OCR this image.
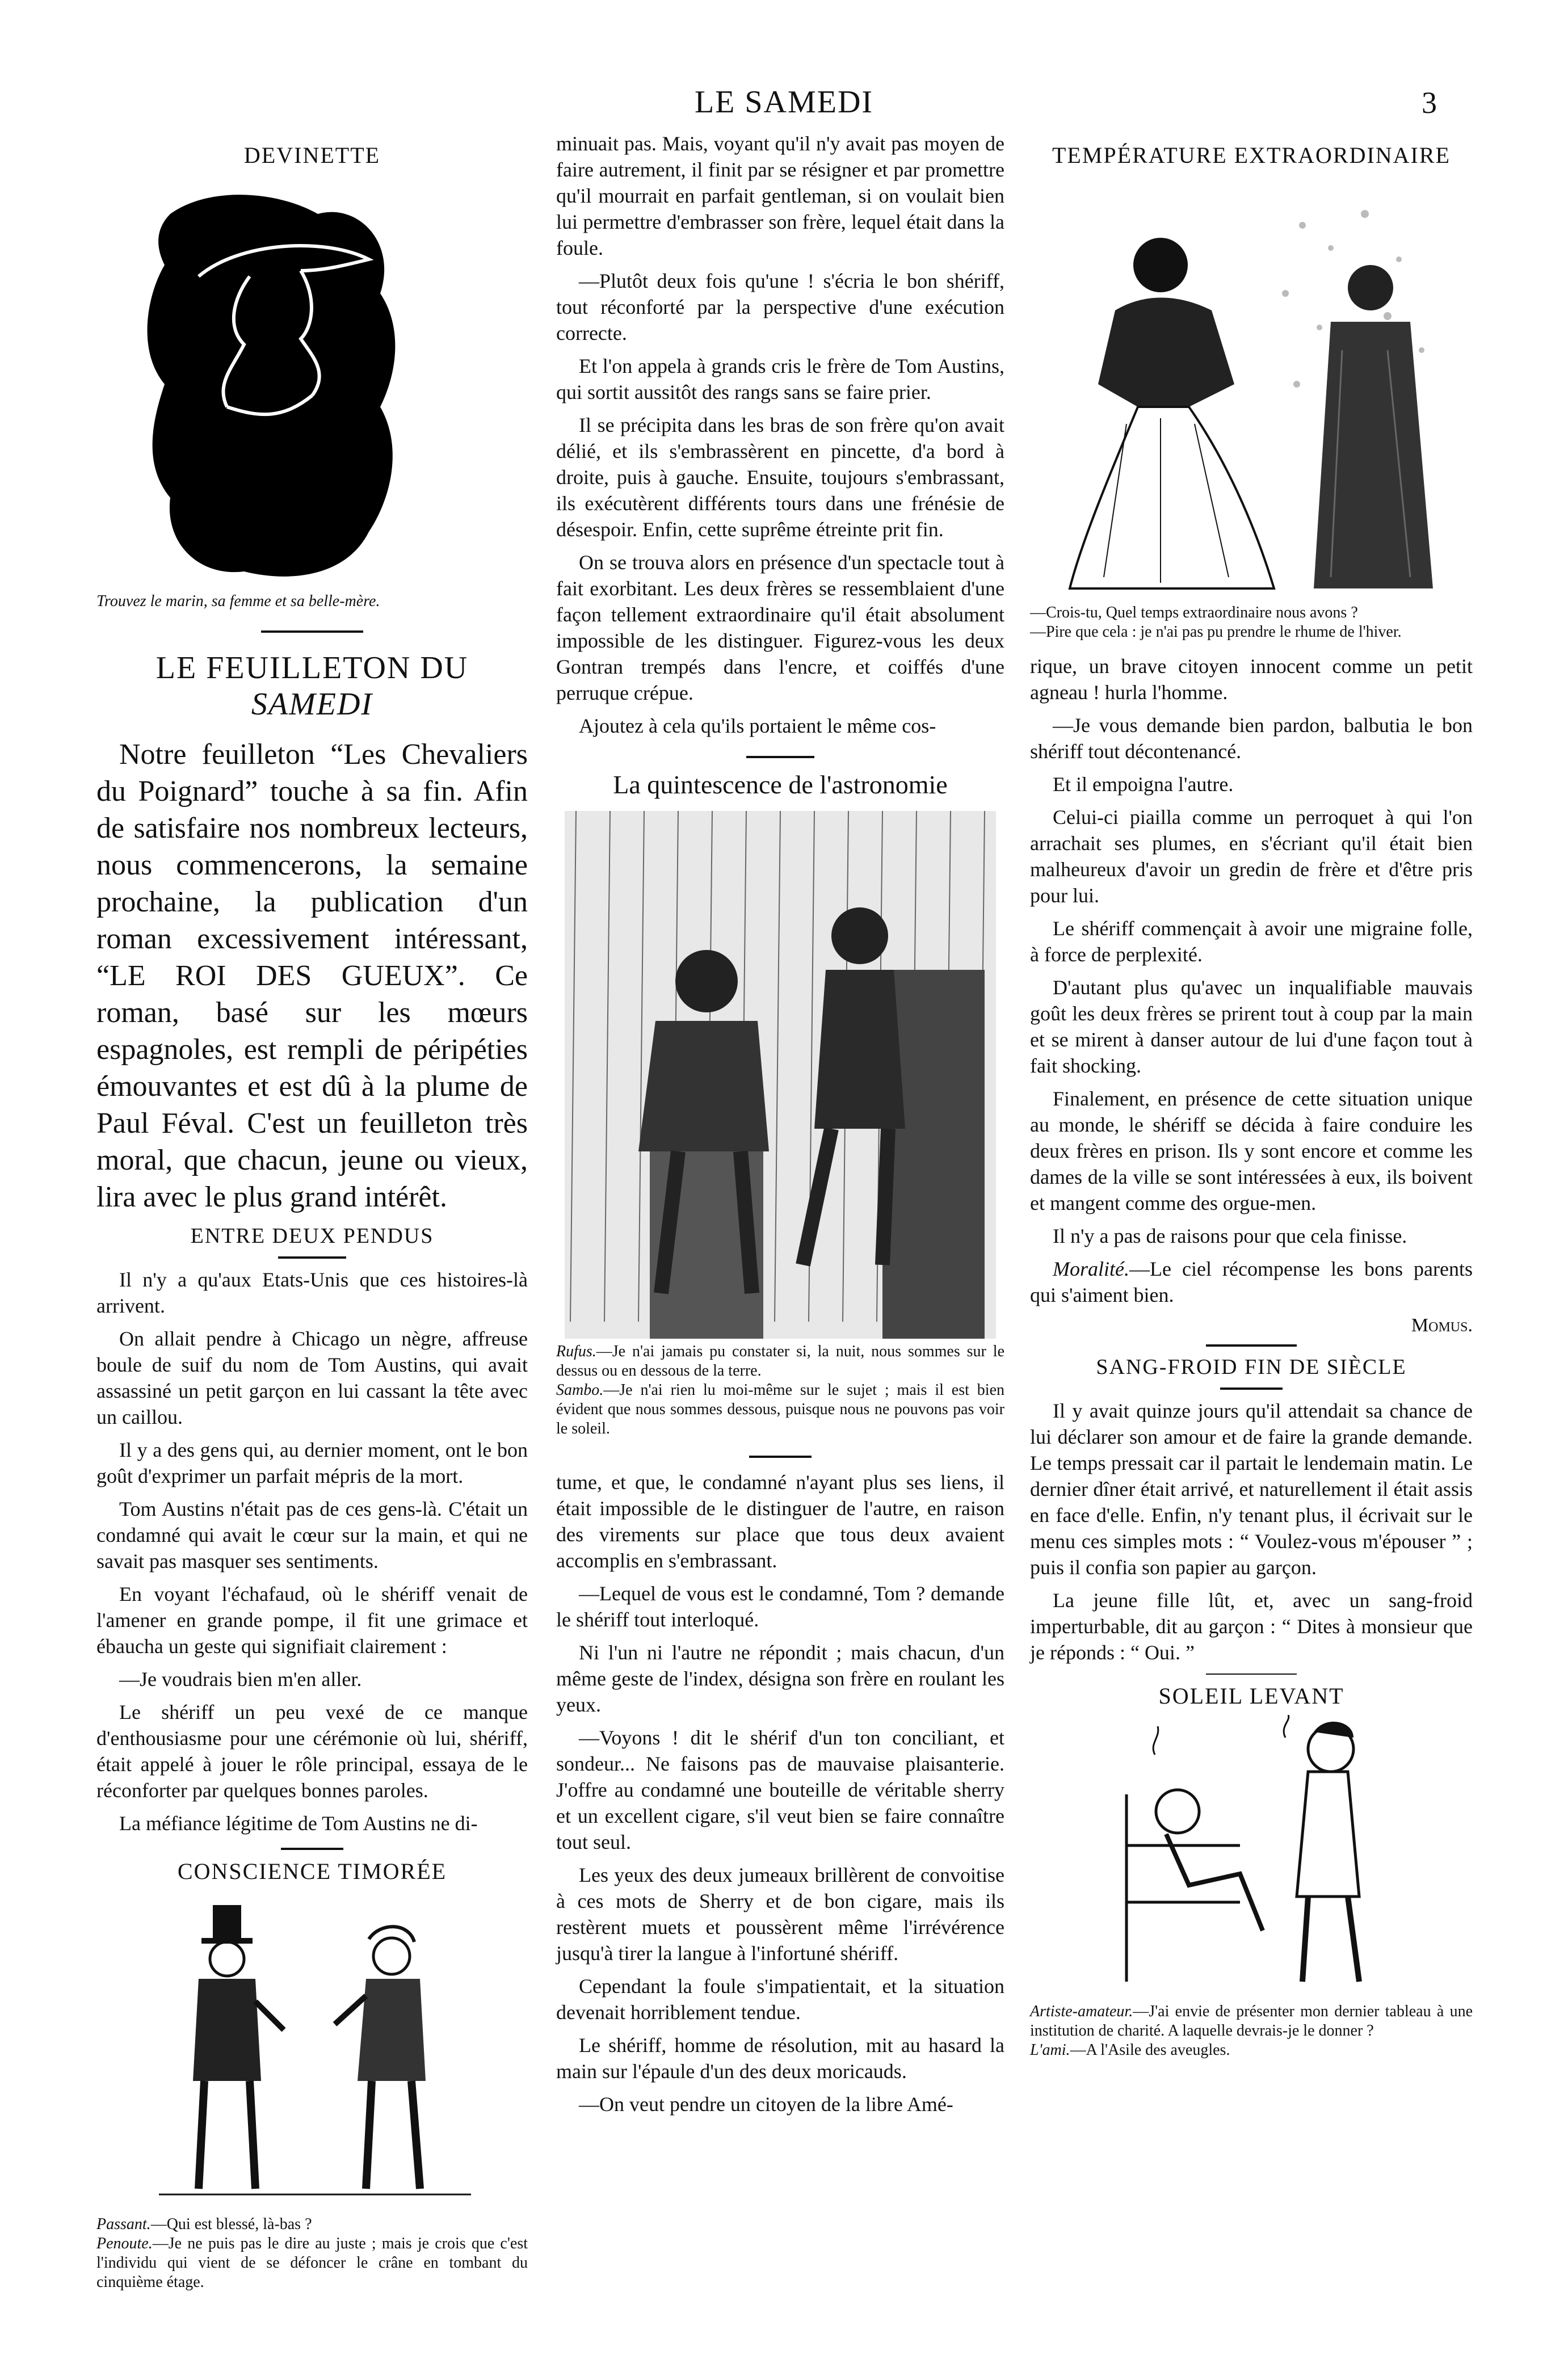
LE SAMEDI	3
DEVINETTE
Trouvez le marin, sa femme et sa belle-mère.
LE FEUILLETON DU SAMEDI

Notre feuilleton “Les Chevaliers du Poignard” touche à sa fin. Afin de satisfaire nos nombreux lecteurs, nous commencerons, la semaine prochaine, la publication d'un roman excessivement intéressant, “LE ROI DES GUEUX”. Ce roman, basé sur les mœurs espagnoles, est rempli de péripéties émouvantes et est dû à la plume de Paul Féval. C'est un feuilleton très moral, que chacun, jeune ou vieux, lira avec le plus grand intérêt.

ENTRE DEUX PENDUS

Il n'y a qu'aux Etats-Unis que ces histoires-là arrivent.

On allait pendre à Chicago un nègre, affreuse boule de suif du nom de Tom Austins, qui avait assassiné un petit garçon en lui cassant la tête avec un caillou.

Il y a des gens qui, au dernier moment, ont le bon goût d'exprimer un parfait mépris de la mort.

Tom Austins n'était pas de ces gens-là. C'était un condamné qui avait le cœur sur la main, et qui ne savait pas masquer ses sentiments.

En voyant l'échafaud, où le shériff venait de l'amener en grande pompe, il fit une grimace et ébaucha un geste qui signifiait clairement :

—Je voudrais bien m'en aller.

Le shériff un peu vexé de ce manque d'enthousiasme pour une cérémonie où lui, shériff, était appelé à jouer le rôle principal, essaya de le réconforter par quelques bonnes paroles.

La méfiance légitime de Tom Austins ne di-

CONSCIENCE TIMORÉE

Passant.—Qui est blessé, là-bas ?

Penoute.—Je ne puis pas le dire au juste ; mais je crois que c'est l'individu qui vient de se défoncer le crâne en tombant du cinquième étage.

minuait pas. Mais, voyant qu'il n'y avait pas moyen de faire autrement, il finit par se résigner et par promettre qu'il mourrait en parfait gentleman, si on voulait bien lui permettre d'embrasser son frère, lequel était dans la foule.

—Plutôt deux fois qu'une ! s'écria le bon shériff, tout réconforté par la perspective d'une exécution correcte.

Et l'on appela à grands cris le frère de Tom Austins, qui sortit aussitôt des rangs sans se faire prier.

Il se précipita dans les bras de son frère qu'on avait délié, et ils s'embrassèrent en pincette, d'a bord à droite, puis à gauche. Ensuite, toujours s'embrassant, ils exécutèrent différents tours dans une frénésie de désespoir. Enfin, cette suprême étreinte prit fin.

On se trouva alors en présence d'un spectacle tout à fait exorbitant. Les deux frères se ressemblaient d'une façon tellement extraordinaire qu'il était absolument impossible de les distinguer. Figurez-vous les deux Gontran trempés dans l'encre, et coiffés d'une perruque crépue.

Ajoutez à cela qu'ils portaient le même cos-

La quintescence de l'astronomie

Rufus.—Je n'ai jamais pu constater si, la nuit, nous sommes sur le dessus ou en dessous de la terre.

Sambo.—Je n'ai rien lu moi-même sur le sujet ; mais il est bien évident que nous sommes dessous, puisque nous ne pouvons pas voir le soleil.

tume, et que, le condamné n'ayant plus ses liens, il était impossible de le distinguer de l'autre, en raison des virements sur place que tous deux avaient accomplis en s'embrassant.

—Lequel de vous est le condamné, Tom ? demande le shériff tout interloqué.

Ni l'un ni l'autre ne répondit ; mais chacun, d'un même geste de l'index, désigna son frère en roulant les yeux.

—Voyons ! dit le shérif d'un ton conciliant, et sondeur... Ne faisons pas de mauvaise plaisanterie. J'offre au condamné une bouteille de véritable sherry et un excellent cigare, s'il veut bien se faire connaître tout seul.

Les yeux des deux jumeaux brillèrent de convoitise à ces mots de Sherry et de bon cigare, mais ils restèrent muets et poussèrent même l'irrévérence jusqu'à tirer la langue à l'infortuné shériff.

Cependant la foule s'impatientait, et la situation devenait horriblement tendue.

Le shériff, homme de résolution, mit au hasard la main sur l'épaule d'un des deux moricauds.

—On veut pendre un citoyen de la libre Amé-

TEMPÉRATURE EXTRAORDINAIRE

—Crois-tu, Quel temps extraordinaire nous avons ?

—Pire que cela : je n'ai pas pu prendre le rhume de l'hiver.

rique, un brave citoyen innocent comme un petit agneau ! hurla l'homme.

—Je vous demande bien pardon, balbutia le bon shériff tout décontenancé.

Et il empoigna l'autre.

Celui-ci piailla comme un perroquet à qui l'on arrachait ses plumes, en s'écriant qu'il était bien malheureux d'avoir un gredin de frère et d'être pris pour lui.

Le shériff commençait à avoir une migraine folle, à force de perplexité.

D'autant plus qu'avec un inqualifiable mauvais goût les deux frères se prirent tout à coup par la main et se mirent à danser autour de lui d'une façon tout à fait shocking.

Finalement, en présence de cette situation unique au monde, le shériff se décida à faire conduire les deux frères en prison. Ils y sont encore et comme les dames de la ville se sont intéressées à eux, ils boivent et mangent comme des orgue-men.

Il n'y a pas de raisons pour que cela finisse.

Moralité.—Le ciel récompense les bons parents qui s'aiment bien.

Momus.
SANG-FROID FIN DE SIÈCLE

Il y avait quinze jours qu'il attendait sa chance de lui déclarer son amour et de faire la grande demande. Le temps pressait car il partait le lendemain matin. Le dernier dîner était arrivé, et naturellement il était assis en face d'elle. Enfin, n'y tenant plus, il écrivait sur le menu ces simples mots : “ Voulez-vous m'épouser ” ; puis il confia son papier au garçon.

La jeune fille lût, et, avec un sang-froid imperturbable, dit au garçon : “ Dites à monsieur que je réponds : “ Oui. ”

SOLEIL LEVANT

Artiste-amateur.—J'ai envie de présenter mon dernier tableau à une institution de charité. A laquelle devrais-je le donner ?

L'ami.—A l'Asile des aveugles.
